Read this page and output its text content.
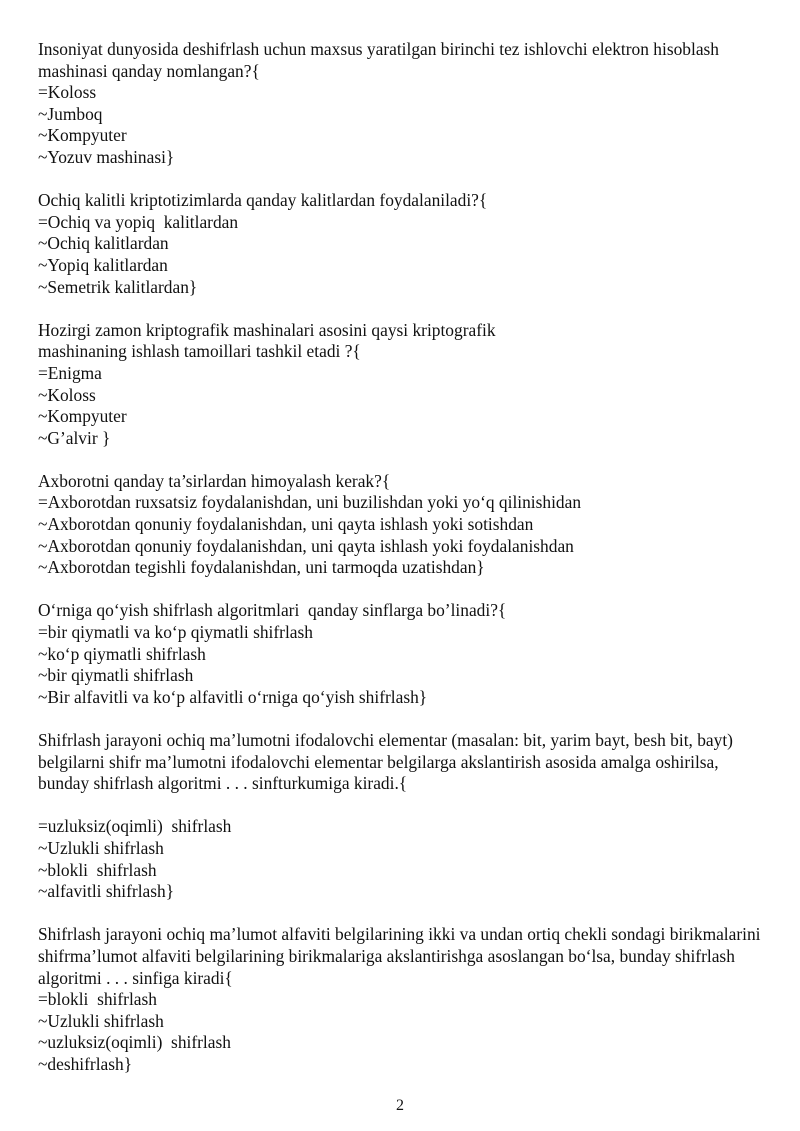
Insoniyat dunyosida deshifrlash uchun maxsus yaratilgan birinchi tez ishlovchi elektron hisoblash mashinasi qanday nomlangan?{
=Koloss
~Jumboq
~Kompyuter
~Yozuv mashinasi}
Ochiq kalitli kriptotizimlarda qanday kalitlardan foydalaniladi?{
=Ochiq va yopiq  kalitlardan
~Ochiq kalitlardan
~Yopiq kalitlardan
~Semetrik kalitlardan}
Hozirgi zamon kriptografik mashinalari asosini qaysi kriptografik mashinaning ishlash tamoillari tashkil etadi ?{
=Enigma
~Koloss
~Kompyuter
~G’alvir }
Axborotni qanday ta’sirlardan himoyalash kerak?{
=Axborotdan ruxsatsiz foydalanishdan, uni buzilishdan yoki yo‘q qilinishidan
~Axborotdan qonuniy foydalanishdan, uni qayta ishlash yoki sotishdan
~Axborotdan qonuniy foydalanishdan, uni qayta ishlash yoki foydalanishdan
~Axborotdan tegishli foydalanishdan, uni tarmoqda uzatishdan}
O‘rniga qo‘yish shifrlash algoritmlari  qanday sinflarga bo’linadi?{
=bir qiymatli va ko‘p qiymatli shifrlash
~ko‘p qiymatli shifrlash
~bir qiymatli shifrlash
~Bir alfavitli va ko‘p alfavitli o‘rniga qo‘yish shifrlash}
Shifrlash jarayoni ochiq ma’lumotni ifodalovchi elementar (masalan: bit, yarim bayt, besh bit, bayt) belgilarni shifr ma’lumotni ifodalovchi elementar belgilarga akslantirish asosida amalga oshirilsa, bunday shifrlash algoritmi . . . sinfturkumiga kiradi.{
=uzluksiz(oqimli)  shifrlash
~Uzlukli shifrlash
~blokli  shifrlash
~alfavitli shifrlash}
Shifrlash jarayoni ochiq ma’lumot alfaviti belgilarining ikki va undan ortiq chekli sondagi birikmalarini shifrma’lumot alfaviti belgilarining birikmalariga akslantirishga asoslangan bo‘lsa, bunday shifrlash algoritmi . . . sinfiga kiradi{
=blokli  shifrlash
~Uzlukli shifrlash
~uzluksiz(oqimli)  shifrlash
~deshifrlash}
2
